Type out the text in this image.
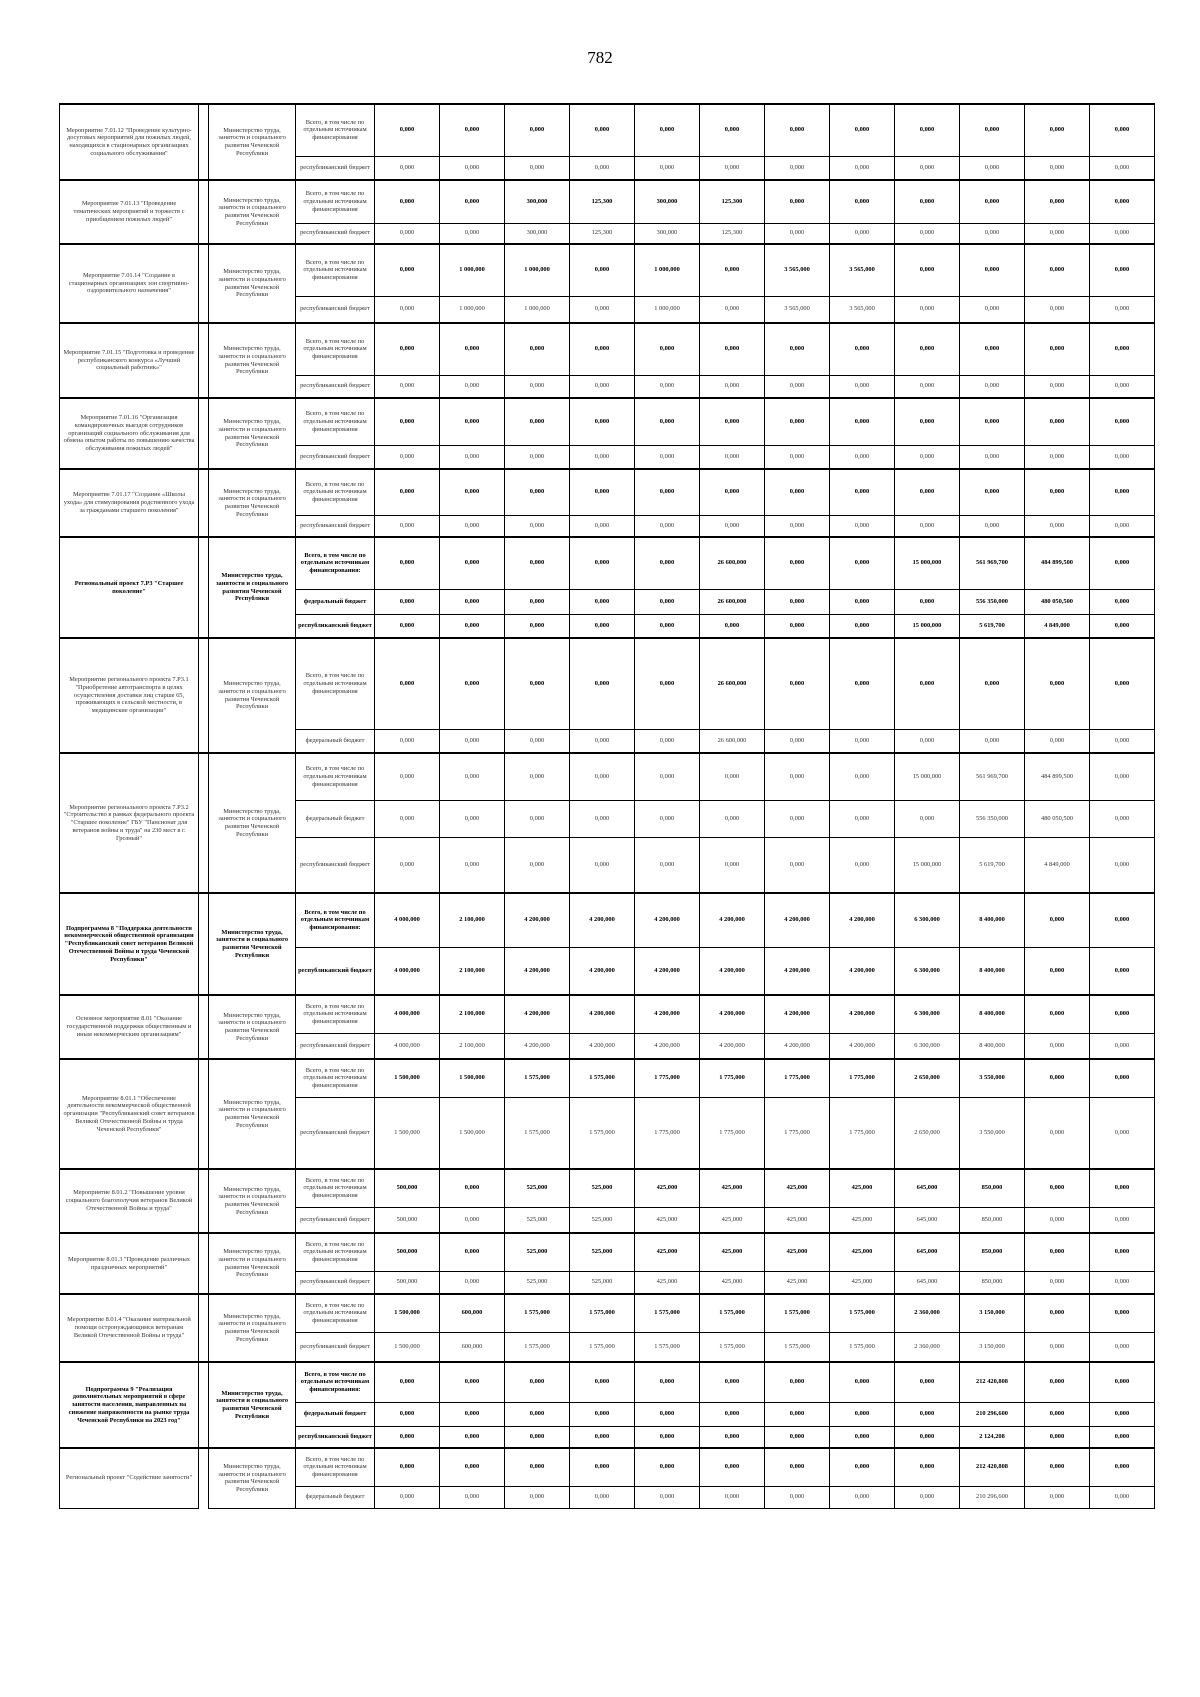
782
Мероприятие 7.01.12 "Проведение культурно-досуговых мероприятий для пожилых людей, находящихся в стационарных организациях социального обслуживания"		Министерство труда, занятости и социального развития Чеченской Республики	Всего, в том числе по отдельным источникам финансирования	0,000	0,000	0,000	0,000	0,000	0,000	0,000	0,000	0,000	0,000	0,000	0,000
			республиканский бюджет	0,000	0,000	0,000	0,000	0,000	0,000	0,000	0,000	0,000	0,000	0,000	0,000
Мероприятие 7.01.13 "Проведение тематических мероприятий и торжеств с приобщением пожилых людей"		Министерство труда, занятости и социального развития Чеченской Республики	Всего, в том числе по отдельным источникам финансирования	0,000	0,000	300,000	125,300	300,000	125,300	0,000	0,000	0,000	0,000	0,000	0,000
			республиканский бюджет	0,000	0,000	300,000	125,300	300,000	125,300	0,000	0,000	0,000	0,000	0,000	0,000
Мероприятие 7.01.14 "Создание в стационарных организациях зон спортивно-оздоровительного назначения"		Министерство труда, занятости и социального развития Чеченской Республики	Всего, в том числе по отдельным источникам финансирования	0,000	1 000,000	1 000,000	0,000	1 000,000	0,000	3 565,000	3 565,000	0,000	0,000	0,000	0,000
			республиканский бюджет	0,000	1 000,000	1 000,000	0,000	1 000,000	0,000	3 565,000	3 565,000	0,000	0,000	0,000	0,000
Мероприятие 7.01.15 "Подготовка и проведение республиканского конкурса «Лучший социальный работник»"		Министерство труда, занятости и социального развития Чеченской Республики	Всего, в том числе по отдельным источникам финансирования	0,000	0,000	0,000	0,000	0,000	0,000	0,000	0,000	0,000	0,000	0,000	0,000
			республиканский бюджет	0,000	0,000	0,000	0,000	0,000	0,000	0,000	0,000	0,000	0,000	0,000	0,000
Мероприятие 7.01.16 "Организация командировочных выездов сотрудников организаций социального обслуживания для обмена опытом работы по повышению качества обслуживания пожилых людей"		Министерство труда, занятости и социального развития Чеченской Республики	Всего, в том числе по отдельным источникам финансирования	0,000	0,000	0,000	0,000	0,000	0,000	0,000	0,000	0,000	0,000	0,000	0,000
			республиканский бюджет	0,000	0,000	0,000	0,000	0,000	0,000	0,000	0,000	0,000	0,000	0,000	0,000
Мероприятие 7.01.17 "Создание «Школы ухода» для стимулирования родственного ухода за гражданами старшего поколения"		Министерство труда, занятости и социального развития Чеченской Республики	Всего, в том числе по отдельным источникам финансирования	0,000	0,000	0,000	0,000	0,000	0,000	0,000	0,000	0,000	0,000	0,000	0,000
			республиканский бюджет	0,000	0,000	0,000	0,000	0,000	0,000	0,000	0,000	0,000	0,000	0,000	0,000
Региональный проект 7.Р3 "Старшее поколение"		Министерство труда, занятости и социального развития Чеченской Республики	Всего, в том числе по отдельным источникам финансирования:	0,000	0,000	0,000	0,000	0,000	26 600,000	0,000	0,000	15 000,000	561 969,700	484 899,500	0,000
			федеральный бюджет	0,000	0,000	0,000	0,000	0,000	26 600,000	0,000	0,000	0,000	556 350,000	480 050,500	0,000
			республиканский бюджет	0,000	0,000	0,000	0,000	0,000	0,000	0,000	0,000	15 000,000	5 619,700	4 849,000	0,000
Мероприятие регионального проекта 7.Р3.1 "Приобретение автотранспорта в целях осуществления доставки лиц старше 65, проживающих в сельской местности, в медицинские организации"		Министерство труда, занятости и социального развития Чеченской Республики	Всего, в том числе по отдельным источникам финансирования	0,000	0,000	0,000	0,000	0,000	26 600,000	0,000	0,000	0,000	0,000	0,000	0,000
			федеральный бюджет	0,000	0,000	0,000	0,000	0,000	26 600,000	0,000	0,000	0,000	0,000	0,000	0,000
Мероприятие регионального проекта 7.Р3.2 "Строительство в рамках федерального проекта "Старшее поколение" ГБУ "Пансионат для ветеранов войны и труда" на 230 мест в г. Грозный"		Министерство труда, занятости и социального развития Чеченской Республики	Всего, в том числе по отдельным источникам финансирования	0,000	0,000	0,000	0,000	0,000	0,000	0,000	0,000	15 000,000	561 969,700	484 899,500	0,000
			федеральный бюджет	0,000	0,000	0,000	0,000	0,000	0,000	0,000	0,000	0,000	556 350,000	480 050,500	0,000
			республиканский бюджет	0,000	0,000	0,000	0,000	0,000	0,000	0,000	0,000	15 000,000	5 619,700	4 849,000	0,000
Подпрограмма 8 "Поддержка деятельности некоммерческой общественной организации "Республиканский совет ветеранов Великой Отечественной Войны и труда Чеченской Республики"		Министерство труда, занятости и социального развития Чеченской Республики	Всего, в том числе по отдельным источникам финансирования:	4 000,000	2 100,000	4 200,000	4 200,000	4 200,000	4 200,000	4 200,000	4 200,000	6 300,000	8 400,000	0,000	0,000
			республиканский бюджет	4 000,000	2 100,000	4 200,000	4 200,000	4 200,000	4 200,000	4 200,000	4 200,000	6 300,000	8 400,000	0,000	0,000
Основное мероприятие 8.01 "Оказание государственной поддержки общественным и иным некоммерческим организациям"		Министерство труда, занятости и социального развития Чеченской Республики	Всего, в том числе по отдельным источникам финансирования	4 000,000	2 100,000	4 200,000	4 200,000	4 200,000	4 200,000	4 200,000	4 200,000	6 300,000	8 400,000	0,000	0,000
			республиканский бюджет	4 000,000	2 100,000	4 200,000	4 200,000	4 200,000	4 200,000	4 200,000	4 200,000	6 300,000	8 400,000	0,000	0,000
Мероприятие 8.01.1 "Обеспечение деятельности некоммерческой общественной организации "Республиканский совет ветеранов Великой Отечественной Войны и труда Чеченской Республики"		Министерство труда, занятости и социального развития Чеченской Республики	Всего, в том числе по отдельным источникам финансирования	1 500,000	1 500,000	1 575,000	1 575,000	1 775,000	1 775,000	1 775,000	1 775,000	2 650,000	3 550,000	0,000	0,000
			республиканский бюджет	1 500,000	1 500,000	1 575,000	1 575,000	1 775,000	1 775,000	1 775,000	1 775,000	2 650,000	3 550,000	0,000	0,000
Мероприятие 8.01.2 "Повышение уровня социального благополучия ветеранов Великой Отечественной Войны и труда"		Министерство труда, занятости и социального развития Чеченской Республики	Всего, в том числе по отдельным источникам финансирования	500,000	0,000	525,000	525,000	425,000	425,000	425,000	425,000	645,000	850,000	0,000	0,000
			республиканский бюджет	500,000	0,000	525,000	525,000	425,000	425,000	425,000	425,000	645,000	850,000	0,000	0,000
Мероприятие 8.01.3 "Проведение различных праздничных мероприятий"		Министерство труда, занятости и социального развития Чеченской Республики	Всего, в том числе по отдельным источникам финансирования	500,000	0,000	525,000	525,000	425,000	425,000	425,000	425,000	645,000	850,000	0,000	0,000
			республиканский бюджет	500,000	0,000	525,000	525,000	425,000	425,000	425,000	425,000	645,000	850,000	0,000	0,000
Мероприятие 8.01.4 "Оказание материальной помощи остронуждающимся ветеранам Великой Отечественной Войны и труда"		Министерство труда, занятости и социального развития Чеченской Республики	Всего, в том числе по отдельным источникам финансирования	1 500,000	600,000	1 575,000	1 575,000	1 575,000	1 575,000	1 575,000	1 575,000	2 360,000	3 150,000	0,000	0,000
			республиканский бюджет	1 500,000	600,000	1 575,000	1 575,000	1 575,000	1 575,000	1 575,000	1 575,000	2 360,000	3 150,000	0,000	0,000
Подпрограмма 9 "Реализация дополнительных мероприятий в сфере занятости населения, направленных на снижение напряженности на рынке труда Чеченской Республики на 2023 год"		Министерство труда, занятости и социального развития Чеченской Республики	Всего, в том числе по отдельным источникам финансирования:	0,000	0,000	0,000	0,000	0,000	0,000	0,000	0,000	0,000	212 420,808	0,000	0,000
			федеральный бюджет	0,000	0,000	0,000	0,000	0,000	0,000	0,000	0,000	0,000	210 296,600	0,000	0,000
			республиканский бюджет	0,000	0,000	0,000	0,000	0,000	0,000	0,000	0,000	0,000	2 124,208	0,000	0,000
Региональный проект "Содействие занятости"		Министерство труда, занятости и социального развития Чеченской Республики	Всего, в том числе по отдельным источникам финансирования	0,000	0,000	0,000	0,000	0,000	0,000	0,000	0,000	0,000	212 420,808	0,000	0,000
			федеральный бюджет	0,000	0,000	0,000	0,000	0,000	0,000	0,000	0,000	0,000	210 296,600	0,000	0,000
